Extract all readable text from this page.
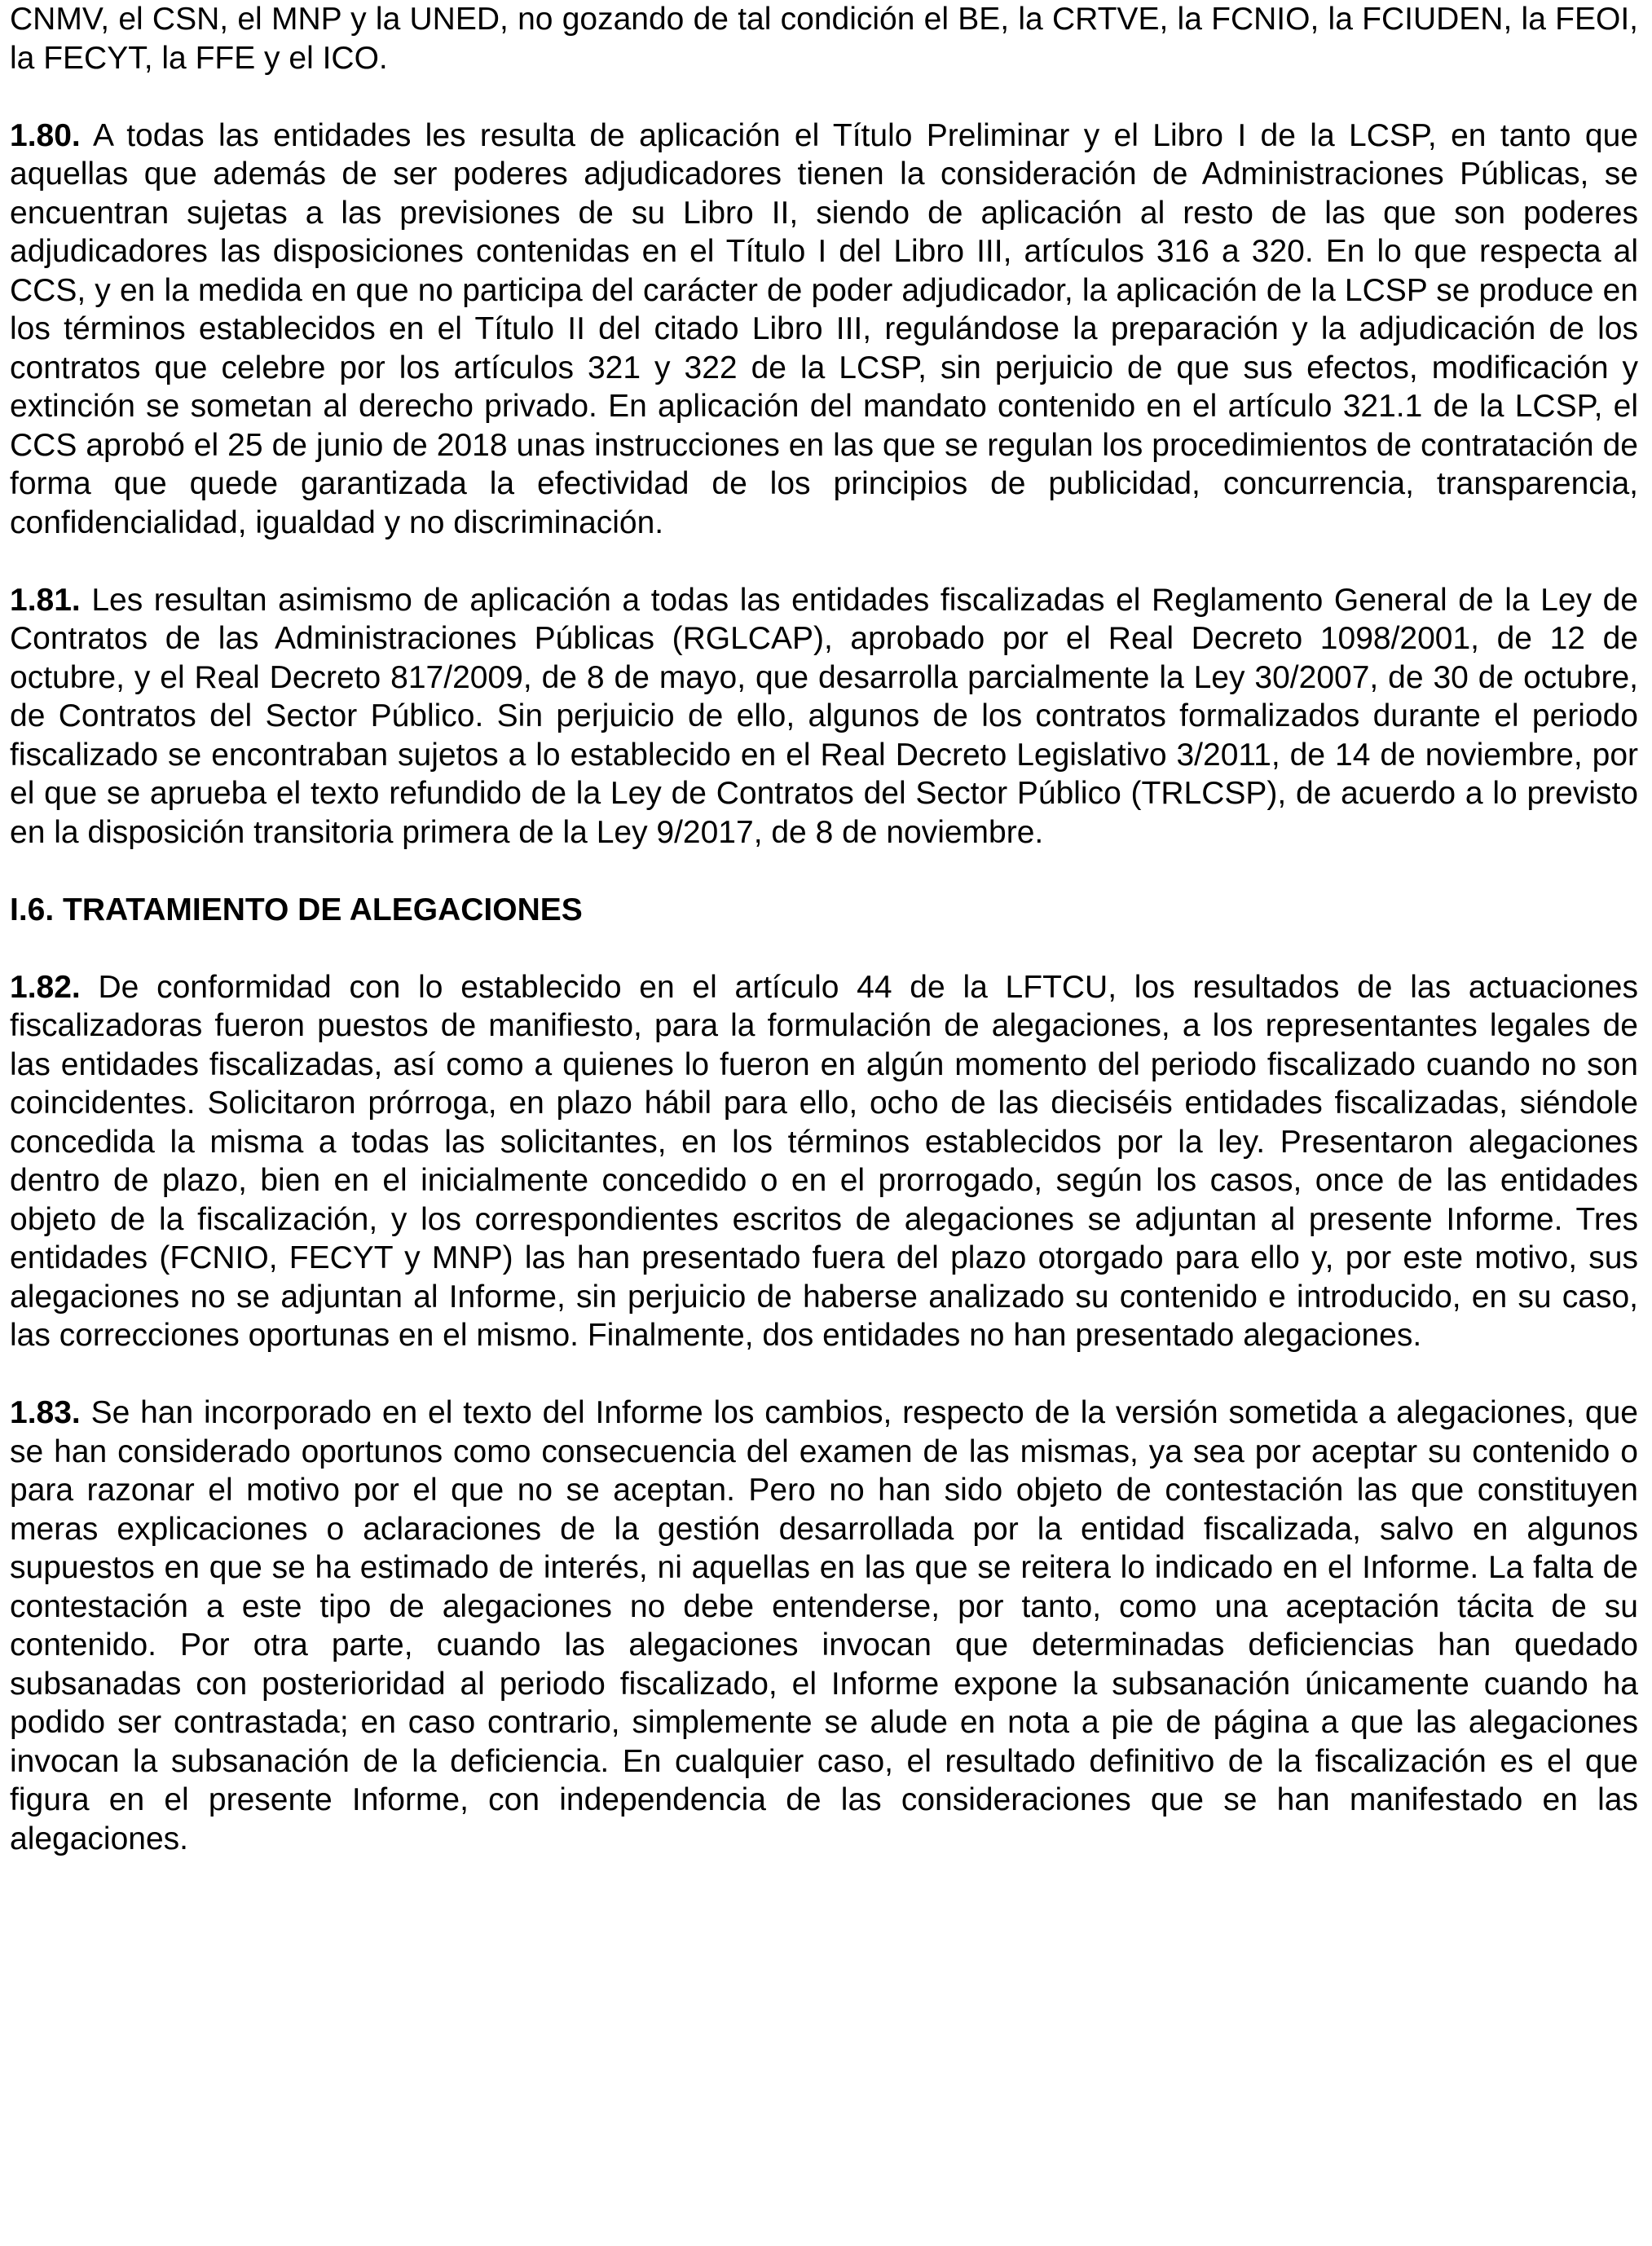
CNMV, el CSN, el MNP y la UNED, no gozando de tal condición el BE, la CRTVE, la FCNIO, la FCIUDEN, la FEOI, la FECYT, la FFE y el ICO.

1.80. A todas las entidades les resulta de aplicación el Título Preliminar y el Libro I de la LCSP, en tanto que aquellas que además de ser poderes adjudicadores tienen la consideración de Administraciones Públicas, se encuentran sujetas a las previsiones de su Libro II, siendo de aplicación al resto de las que son poderes adjudicadores las disposiciones contenidas en el Título I del Libro III, artículos 316 a 320. En lo que respecta al CCS, y en la medida en que no participa del carácter de poder adjudicador, la aplicación de la LCSP se produce en los términos establecidos en el Título II del citado Libro III, regulándose la preparación y la adjudicación de los contratos que celebre por los artículos 321 y 322 de la LCSP, sin perjuicio de que sus efectos, modificación y extinción se sometan al derecho privado. En aplicación del mandato contenido en el artículo 321.1 de la LCSP, el CCS aprobó el 25 de junio de 2018 unas instrucciones en las que se regulan los procedimientos de contratación de forma que quede garantizada la efectividad de los principios de publicidad, concurrencia, transparencia, confidencialidad, igualdad y no discriminación.

1.81. Les resultan asimismo de aplicación a todas las entidades fiscalizadas el Reglamento General de la Ley de Contratos de las Administraciones Públicas (RGLCAP), aprobado por el Real Decreto 1098/2001, de 12 de octubre, y el Real Decreto 817/2009, de 8 de mayo, que desarrolla parcialmente la Ley 30/2007, de 30 de octubre, de Contratos del Sector Público. Sin perjuicio de ello, algunos de los contratos formalizados durante el periodo fiscalizado se encontraban sujetos a lo establecido en el Real Decreto Legislativo 3/2011, de 14 de noviembre, por el que se aprueba el texto refundido de la Ley de Contratos del Sector Público (TRLCSP), de acuerdo a lo previsto en la disposición transitoria primera de la Ley 9/2017, de 8 de noviembre.

I.6. TRATAMIENTO DE ALEGACIONES

1.82. De conformidad con lo establecido en el artículo 44 de la LFTCU, los resultados de las actuaciones fiscalizadoras fueron puestos de manifiesto, para la formulación de alegaciones, a los representantes legales de las entidades fiscalizadas, así como a quienes lo fueron en algún momento del periodo fiscalizado cuando no son coincidentes. Solicitaron prórroga, en plazo hábil para ello, ocho de las dieciséis entidades fiscalizadas, siéndole concedida la misma a todas las solicitantes, en los términos establecidos por la ley. Presentaron alegaciones dentro de plazo, bien en el inicialmente concedido o en el prorrogado, según los casos, once de las entidades objeto de la fiscalización, y los correspondientes escritos de alegaciones se adjuntan al presente Informe. Tres entidades (FCNIO, FECYT y MNP) las han presentado fuera del plazo otorgado para ello y, por este motivo, sus alegaciones no se adjuntan al Informe, sin perjuicio de haberse analizado su contenido e introducido, en su caso, las correcciones oportunas en el mismo. Finalmente, dos entidades no han presentado alegaciones.

1.83. Se han incorporado en el texto del Informe los cambios, respecto de la versión sometida a alegaciones, que se han considerado oportunos como consecuencia del examen de las mismas, ya sea por aceptar su contenido o para razonar el motivo por el que no se aceptan. Pero no han sido objeto de contestación las que constituyen meras explicaciones o aclaraciones de la gestión desarrollada por la entidad fiscalizada, salvo en algunos supuestos en que se ha estimado de interés, ni aquellas en las que se reitera lo indicado en el Informe. La falta de contestación a este tipo de alegaciones no debe entenderse, por tanto, como una aceptación tácita de su contenido. Por otra parte, cuando las alegaciones invocan que determinadas deficiencias han quedado subsanadas con posterioridad al periodo fiscalizado, el Informe expone la subsanación únicamente cuando ha podido ser contrastada; en caso contrario, simplemente se alude en nota a pie de página a que las alegaciones invocan la subsanación de la deficiencia. En cualquier caso, el resultado definitivo de la fiscalización es el que figura en el presente Informe, con independencia de las consideraciones que se han manifestado en las alegaciones.
